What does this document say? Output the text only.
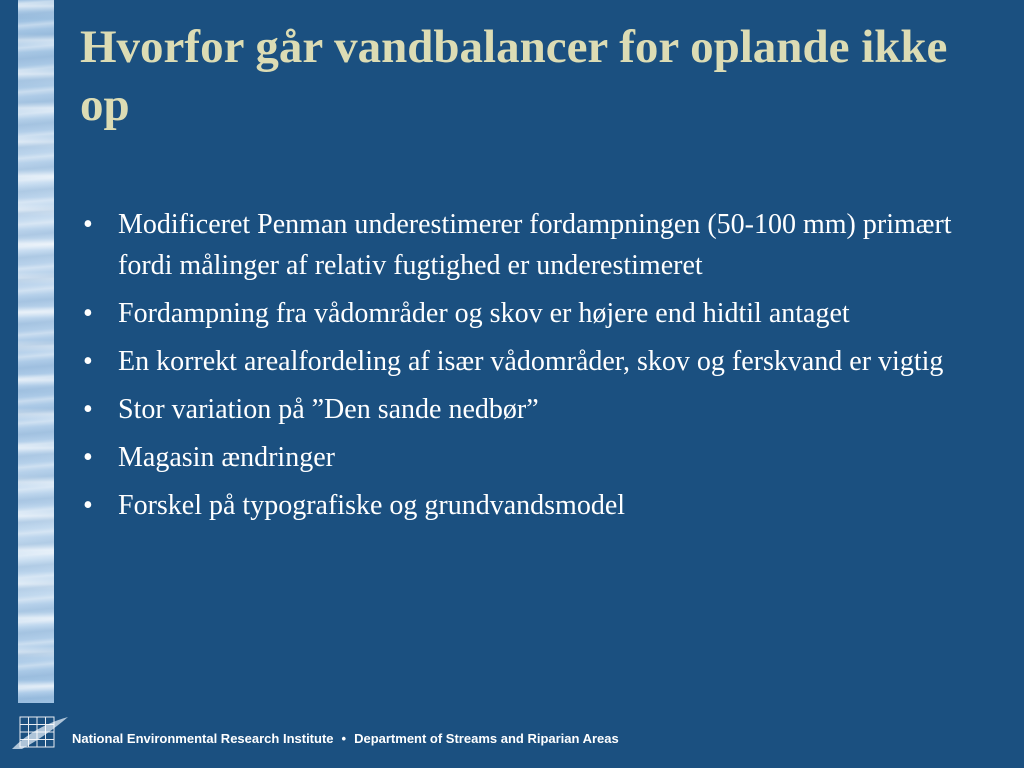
Hvorfor går vandbalancer for oplande ikke op
• Modificeret Penman underestimerer fordampningen (50-100 mm) primært fordi målinger af relativ fugtighed er underestimeret
• Fordampning fra vådområder og skov er højere end hidtil antaget
• En korrekt arealfordeling af især vådområder, skov og ferskvand er vigtig
• Stor variation på ”Den sande nedbør”
• Magasin ændringer
• Forskel på typografiske og grundvandsmodel
National Environmental Research Institute • Department of Streams and Riparian Areas
